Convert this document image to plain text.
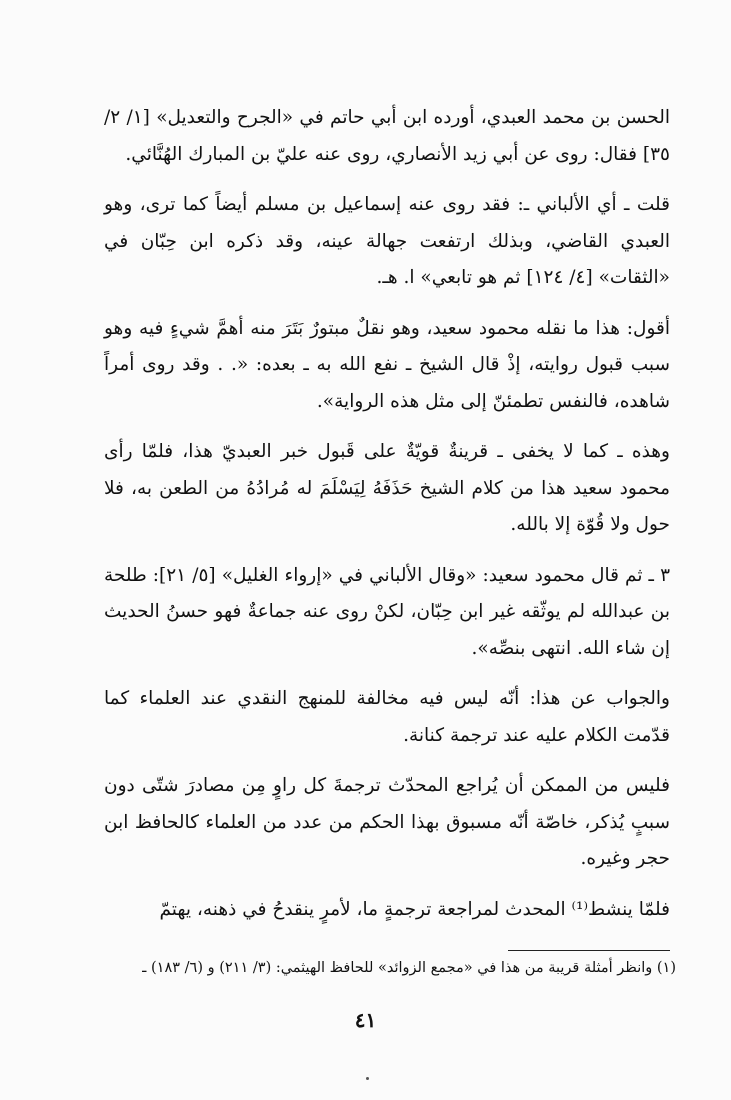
الحسن بن محمد العبدي، أورده ابن أبي حاتم في «الجرح والتعديل» [١/ ٢/ ٣٥] فقال: روى عن أبي زيد الأنصاري، روى عنه عليّ بن المبارك الهُنَّائي.

قلت ـ أي الألباني ـ: فقد روى عنه إسماعيل بن مسلم أيضاً كما ترى، وهو العبدي القاضي، وبذلك ارتفعت جهالة عينه، وقد ذكره ابن حِبّان في «الثقات» [٤/ ١٢٤] ثم هو تابعي» ا. هـ.

أقول: هذا ما نقله محمود سعيد، وهو نقلٌ مبتورٌ بَتَرَ منه أهمَّ شيءٍ فيه وهو سبب قبول روايته، إذْ قال الشيخ ـ نفع الله به ـ بعده: «. . وقد روى أمراً شاهده، فالنفس تطمئنّ إلى مثل هذه الرواية».

وهذه ـ كما لا يخفى ـ قرينةٌ قويّةٌ على قَبول خبر العبديّ هذا، فلمّا رأى محمود سعيد هذا من كلام الشيخ حَذَفَهُ لِيَسْلَمَ له مُرادُهُ من الطعن به، فلا حول ولا قُوّة إلا بالله.

٣ ـ ثم قال محمود سعيد: «وقال الألباني في «إرواء الغليل» [٥/ ٢١]: طلحة بن عبدالله لم يوثّقه غير ابن حِبّان، لكنْ روى عنه جماعةٌ فهو حسنُ الحديث إن شاء الله. انتهى بنصِّه».

والجواب عن هذا: أنّه ليس فيه مخالفة للمنهج النقدي عند العلماء كما قدّمت الكلام عليه عند ترجمة كنانة.

فليس من الممكن أن يُراجع المحدّث ترجمةَ كل راوٍ مِن مصادرَ شتّى دون سببٍ يُذكر، خاصّة أنّه مسبوق بهذا الحكم من عدد من العلماء كالحافظ ابن حجر وغيره.

فلمّا ينشط⁽¹⁾ المحدث لمراجعة ترجمةٍ ما، لأمرٍ ينقدحُ في ذهنه، يهتمّ

(١) وانظر أمثلة قريبة من هذا في «مجمع الزوائد» للحافظ الهيثمي: (٣/ ٢١١) و (٦/ ١٨٣) ـ
٤١
